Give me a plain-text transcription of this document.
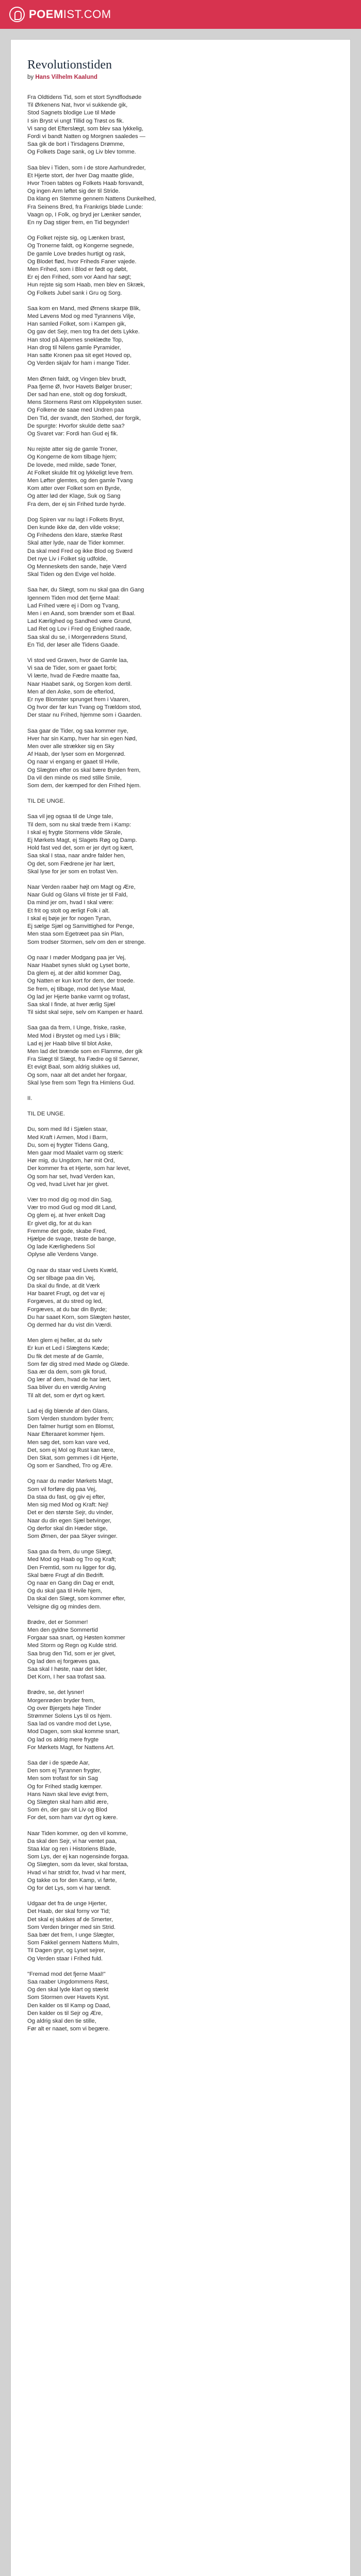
POEMIST.COM
Revolutionstiden
by Hans Vilhelm Kaalund
Fra Oldtidens Tid, som et stort Syndflodsøde
Til Ørkenens Nat, hvor vi sukkende gik,
Stod Sagnets blodige Lue til Møde
I sin Bryst vi ungt Tillid og Trøst os fik.
Vi sang det Efterslægt, som blev saa lykkelig,
Fordi vi bandt Natten og Morgnen saaledes —
Saa gik de bort i Tirsdagens Drømme,
Og Folkets Dage sank, og Liv blev tomme.
Saa blev i Tiden, som i de store Aarhundreder,
Et Hjerte stort, der hver Dag maatte glide,
Hvor Troen tabtes og Folkets Haab forsvandt,
Og ingen Arm løftet sig der til Stride.
Da klang en Stemme gennem Nattens Dunkelhed,
Fra Seinens Bred, fra Frankrigs bløde Lunde:
Vaagn op, I Folk, og bryd jer Lænker sønder,
En ny Dag stiger frem, en Tid begynder!
Og Folket rejste sig, og Lænken brast,
Og Tronerne faldt, og Kongerne segnede,
De gamle Love brødes hurtigt og rask,
Og Blodet flød, hvor Friheds Faner vajede.
Men Frihed, som i Blod er født og døbt,
Er ej den Frihed, som vor Aand har søgt;
Hun rejste sig som Haab, men blev en Skræk,
Og Folkets Jubel sank i Gru og Sorg.
Saa kom en Mand, med Ørnens skarpe Blik,
Med Løvens Mod og med Tyrannens Vilje,
Han samled Folket, som i Kampen gik,
Og gav det Sejr, men tog fra det dets Lykke.
Han stod på Alpernes sneklædte Top,
Han drog til Nilens gamle Pyramider,
Han satte Kronen paa sit eget Hoved op,
Og Verden skjalv for ham i mange Tider.
Men Ørnen faldt, og Vingen blev brudt,
Paa fjerne Ø, hvor Havets Bølger bruser;
Der sad han ene, stolt og dog forskudt,
Mens Stormens Røst om Klippekysten suser.
Og Folkene de saae med Undren paa
Den Tid, der svandt, den Storhed, der forgik,
De spurgte: Hvorfor skulde dette saa?
Og Svaret var: Fordi han Gud ej fik.
Nu rejste atter sig de gamle Troner,
Og Kongerne de kom tilbage hjem;
De lovede, med milde, søde Toner,
At Folket skulde frit og lykkeligt leve frem.
Men Løfter glemtes, og den gamle Tvang
Kom atter over Folket som en Byrde,
Og atter lød der Klage, Suk og Sang
Fra dem, der ej sin Frihed turde hyrde.
Dog Spiren var nu lagt i Folkets Bryst,
Den kunde ikke dø, den vilde vokse;
Og Frihedens den klare, stærke Røst
Skal atter lyde, naar de Tider kommer.
Da skal med Fred og ikke Blod og Sværd
Det nye Liv i Folket sig udfolde,
Og Menneskets den sande, høje Værd
Skal Tiden og den Evige vel holde.
Saa hør, du Slægt, som nu skal gaa din Gang
Igennem Tiden mod det fjerne Maal:
Lad Frihed være ej i Dom og Tvang,
Men i en Aand, som brænder som et Baal.
Lad Kærlighed og Sandhed være Grund,
Lad Ret og Lov i Fred og Enighed raade,
Saa skal du se, i Morgenrødens Stund,
En Tid, der løser alle Tidens Gaade.
Vi stod ved Graven, hvor de Gamle laa,
Vi saa de Tider, som er gaaet forbi;
Vi lærte, hvad de Fædre maatte faa,
Naar Haabet sank, og Sorgen kom dertil.
Men af den Aske, som de efterlod,
Er nye Blomster sprunget frem i Vaaren,
Og hvor der før kun Tvang og Trældom stod,
Der staar nu Frihed, hjemme som i Gaarden.
Saa gaar de Tider, og saa kommer nye,
Hver har sin Kamp, hver har sin egen Nød,
Men over alle strækker sig en Sky
Af Haab, der lyser som en Morgenrød.
Og naar vi engang er gaaet til Hvile,
Og Slægten efter os skal bære Byrden frem,
Da vil den minde os med stille Smile,
Som dem, der kæmped for den Frihed hjem.
TIL DE UNGE.
Saa vil jeg ogsaa til de Unge tale,
Til dem, som nu skal træde frem i Kamp:
I skal ej frygte Stormens vilde Skrale,
Ej Mørkets Magt, ej Slagets Røg og Damp.
Hold fast ved det, som er jer dyrt og kært,
Saa skal I staa, naar andre falder hen,
Og det, som Fædrene jer har lært,
Skal lyse for jer som en trofast Ven.
Naar Verden raaber højt om Magt og Ære,
Naar Guld og Glans vil friste jer til Fald,
Da mind jer om, hvad I skal være:
Et frit og stolt og ærligt Folk i alt.
I skal ej bøje jer for nogen Tyran,
Ej sælge Sjæl og Samvittighed for Penge,
Men staa som Egetræet paa sin Plan,
Som trodser Stormen, selv om den er strenge.
Og naar I møder Modgang paa jer Vej,
Naar Haabet synes slukt og Lyset borte,
Da glem ej, at der altid kommer Dag,
Og Natten er kun kort for dem, der troede.
Se frem, ej tilbage, mod det lyse Maal,
Og lad jer Hjerte banke varmt og trofast,
Saa skal I finde, at hver ærlig Sjæl
Til sidst skal sejre, selv om Kampen er haard.
Saa gaa da frem, I Unge, friske, raske,
Med Mod i Brystet og med Lys i Blik;
Lad ej jer Haab blive til blot Aske,
Men lad det brænde som en Flamme, der gik
Fra Slægt til Slægt, fra Fædre og til Sønner,
Et evigt Baal, som aldrig slukkes ud,
Og som, naar alt det andet her forgaar,
Skal lyse frem som Tegn fra Himlens Gud.
II.
TIL DE UNGE.
Du, som med Ild i Sjælen staar,
Med Kraft i Armen, Mod i Barm,
Du, som ej frygter Tidens Gang,
Men gaar mod Maalet varm og stærk:
Hør mig, du Ungdom, hør mit Ord,
Der kommer fra et Hjerte, som har levet,
Og som har set, hvad Verden kan,
Og ved, hvad Livet har jer givet.
Vær tro mod dig og mod din Sag,
Vær tro mod Gud og mod dit Land,
Og glem ej, at hver enkelt Dag
Er givet dig, for at du kan
Fremme det gode, skabe Fred,
Hjælpe de svage, trøste de bange,
Og lade Kærlighedens Sol
Oplyse alle Verdens Vange.
Og naar du staar ved Livets Kvæld,
Og ser tilbage paa din Vej,
Da skal du finde, at dit Værk
Har baaret Frugt, og det var ej
Forgæves, at du stred og led,
Forgæves, at du bar din Byrde;
Du har saaet Korn, som Slægten høster,
Og dermed har du vist din Værdi.
Men glem ej heller, at du selv
Er kun et Led i Slægtens Kæde;
Du fik det meste af de Gamle,
Som før dig stred med Møde og Glæde.
Saa ær da dem, som gik forud,
Og lær af dem, hvad de har lært,
Saa bliver du en værdig Arving
Til alt det, som er dyrt og kært.
Lad ej dig blænde af den Glans,
Som Verden stundom byder frem;
Den falmer hurtigt som en Blomst,
Naar Efteraaret kommer hjem.
Men søg det, som kan vare ved,
Det, som ej Mol og Rust kan tære,
Den Skat, som gemmes i dit Hjerte,
Og som er Sandhed, Tro og Ære.
Og naar du møder Mørkets Magt,
Som vil forføre dig paa Vej,
Da staa du fast, og giv ej efter,
Men sig med Mod og Kraft: Nej!
Det er den største Sejr, du vinder,
Naar du din egen Sjæl betvinger,
Og derfor skal din Hæder stige,
Som Ørnen, der paa Skyer svinger.
Saa gaa da frem, du unge Slægt,
Med Mod og Haab og Tro og Kraft;
Den Fremtid, som nu ligger for dig,
Skal bære Frugt af din Bedrift.
Og naar en Gang din Dag er endt,
Og du skal gaa til Hvile hjem,
Da skal den Slægt, som kommer efter,
Velsigne dig og mindes dem.
Brødre, det er Sommer!
Men den gyldne Sommertid
Forgaar saa snart, og Høsten kommer
Med Storm og Regn og Kulde strid.
Saa brug den Tid, som er jer givet,
Og lad den ej forgæves gaa,
Saa skal I høste, naar det lider,
Det Korn, I her saa trofast saa.
Brødre, se, det lysner!
Morgenrøden bryder frem,
Og over Bjergets høje Tinder
Strømmer Solens Lys til os hjem.
Saa lad os vandre mod det Lyse,
Mod Dagen, som skal komme snart,
Og lad os aldrig mere frygte
For Mørkets Magt, for Nattens Art.
Saa dør i de spæde Aar,
Den som ej Tyrannen frygter,
Men som trofast for sin Sag
Og for Frihed stadig kæmper.
Hans Navn skal leve evigt frem,
Og Slægten skal ham altid ære,
Som én, der gav sit Liv og Blod
For det, som ham var dyrt og kære.
Naar Tiden kommer, og den vil komme,
Da skal den Sejr, vi har ventet paa,
Staa klar og ren i Historiens Blade,
Som Lys, der ej kan nogensinde forgaa.
Og Slægten, som da lever, skal forstaa,
Hvad vi har stridt for, hvad vi har ment,
Og takke os for den Kamp, vi førte,
Og for det Lys, som vi har tændt.
Udgaar det fra de unge Hjerter,
Det Haab, der skal forny vor Tid;
Det skal ej slukkes af de Smerter,
Som Verden bringer med sin Strid.
Saa bær det frem, I unge Slægter,
Som Fakkel gennem Nattens Mulm,
Til Dagen gryr, og Lyset sejrer,
Og Verden staar i Frihed fuld.
"Fremad mod det fjerne Maal!"
Saa raaber Ungdommens Røst,
Og den skal lyde klart og stærkt
Som Stormen over Havets Kyst.
Den kalder os til Kamp og Daad,
Den kalder os til Sejr og Ære,
Og aldrig skal den tie stille,
Før alt er naaet, som vi begære.
